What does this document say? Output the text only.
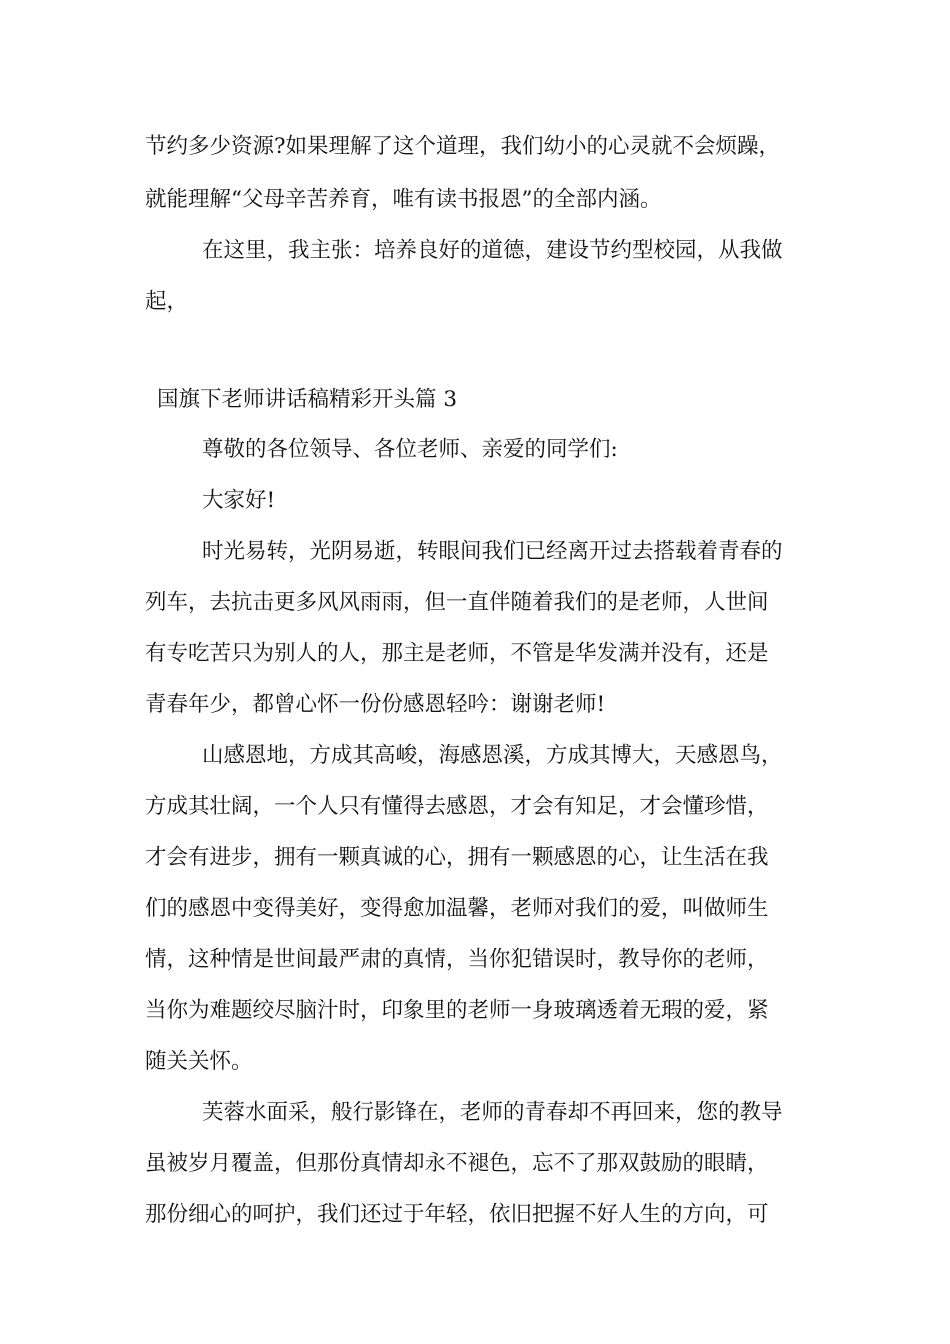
节约多少资源?如果理解了这个道理，我们幼小的心灵就不会烦躁，
就能理解“父母辛苦养育，唯有读书报恩”的全部内涵。
在这里，我主张：培养良好的道德，建设节约型校园，从我做
起，
国旗下老师讲话稿精彩开头篇 3
尊敬的各位领导、各位老师、亲爱的同学们:
大家好!
时光易转，光阴易逝，转眼间我们已经离开过去搭载着青春的
列车，去抗击更多风风雨雨，但一直伴随着我们的是老师，人世间
有专吃苦只为别人的人，那主是老师，不管是华发满并没有，还是
青春年少，都曾心怀一份份感恩轻吟：谢谢老师!
山感恩地，方成其高峻，海感恩溪，方成其博大，天感恩鸟，
方成其壮阔，一个人只有懂得去感恩，才会有知足，才会懂珍惜，
才会有进步，拥有一颗真诚的心，拥有一颗感恩的心，让生活在我
们的感恩中变得美好，变得愈加温馨，老师对我们的爱，叫做师生
情，这种情是世间最严肃的真情，当你犯错误时，教导你的老师，
当你为难题绞尽脑汁时，印象里的老师一身玻璃透着无瑕的爱，紧
随关关怀。
芙蓉水面采，般行影锋在，老师的青春却不再回来，您的教导
虽被岁月覆盖，但那份真情却永不褪色，忘不了那双鼓励的眼睛，
那份细心的呵护，我们还过于年轻，依旧把握不好人生的方向，可
